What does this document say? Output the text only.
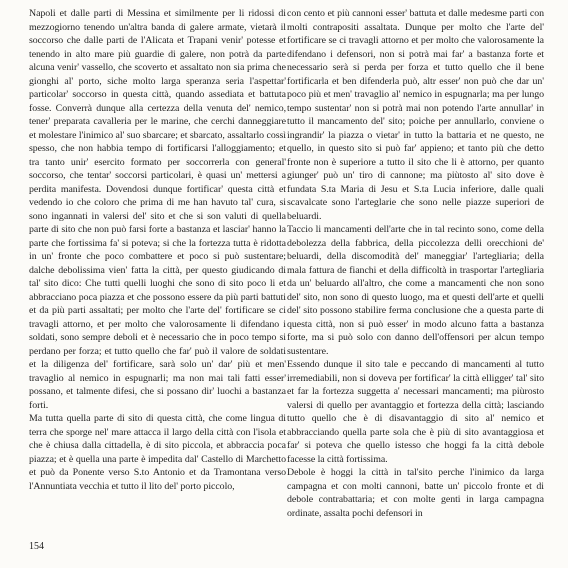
Napoli et dalle parti di Messina et similmente per li ridossi di mezzogiorno tenendo un'altra banda di galere armate, vietarà il soccorso che dalle parti de l'Alicata et Trapani venir' potesse et tenendo in alto mare più guardie di galere, non potrà da parte alcuna venir' vassello, che scoverto et assaltato non sia prima che gionghi al' porto, siche molto larga speranza seria l'aspettar' particolar' soccorso in questa città, quando assediata et battuta fosse. Converrà dunque alla certezza della venuta del' nemico, tener' preparata cavalleria per le marine, che cerchi danneggiare et molestare l'inimico al' suo sbarcare; et sbarcato, assaltarlo cossì spesso, che non habbia tempo di fortificarsi l'alloggiamento; et tra tanto unir' esercito formato per soccorrerla con general' soccorso, che tentar' soccorsi particolari, è quasi un' mettersi a perdita manifesta. Dovendosi dunque fortificar' questa città et vedendo io che coloro che prima di me han havuto tal' cura, si sono ingannati in valersi del' sito et che si son valuti di quella parte di sito che non può farsi forte a bastanza et lasciar' hanno la parte che fortissima fa' si poteva; si che la fortezza tutta è ridotta in un' fronte che poco combattere et poco si può sustentare; dalche debolissima vien' fatta la città, per questo giudicando di tal' sito dico: Che tutti quelli luoghi che sono di sito poco li et abbracciano poca piazza et che possono essere da più parti battuti et da più parti assaltati; per molto che l'arte del' fortificare se ci travagli attorno, et per molto che valorosamente li difendano i soldati, sono sempre deboli et è necessario che in poco tempo si perdano per forza; et tutto quello che far' può il valore de soldati et la diligenza del' fortificare, sarà solo un' dar' più et men' travaglio al nemico in espugnarli; ma non mai tali fatti esser' possano, et talmente difesi, che si possano dir' luochi a bastanza forti.

Ma tutta quella parte di sito di questa città, che come lingua di terra che sporge nel' mare attacca il largo della città con l'isola et che è chiusa dalla cittadella, è di sito piccola, et abbraccia poca piazza; et è quella una parte è impedita dal' Castello di Marchetto et può da Ponente verso S.to Antonio et da Tramontana verso l'Annuntiata vecchia et tutto il lito del' porto piccolo,

con cento et più cannoni esser' battuta et dalle medesme parti con molti contrapositi assaltata. Dunque per molto che l'arte del' fortificare se ci travagli attorno et per molto che valorosamente la difendano i defensori, non si potrà mai far' a bastanza forte et necessario serà si perda per forza et tutto quello che il bene fortificarla et ben difenderla può, altr esser' non può che dar un' poco più et men' travaglio al' nemico in espugnarla; ma per lungo tempo sustentar' non si potrà mai non potendo l'arte annullar' in tutto il mancamento del' sito; poiche per annullarlo, conviene o ingrandir' la piazza o vietar' in tutto la battaria et ne questo, ne quello, in questo sito si può far' appieno; et tanto più che detto fronte non è superiore a tutto il sito che li è attorno, per quanto giunger' può un' tiro di cannone; ma piùtosto al' sito dove è fundata S.ta Maria di Jesu et S.ta Lucia inferiore, dalle quali scavalcate sono l'arteglarie che sono nelle piazze superiori de beluardi.

Taccio li mancamenti dell'arte che in tal recinto sono, come della debolezza della fabbrica, della piccolezza delli orecchioni de' beluardi, della discomodità del' maneggiar' l'artegliaria; della mala fattura de fianchi et della difficoltà in trasportar l'artegliaria da un' beluardo all'altro, che come a mancamenti che non sono del' sito, non sono di questo luogo, ma et questi dell'arte et quelli del' sito possono stabilire ferma conclusione che a questa parte di questa città, non si può esser' in modo alcuno fatta a bastanza forte, ma si può solo con danno dell'offensori per alcun tempo sustentare.

Essendo dunque il sito tale e peccando di mancamenti al tutto irremediabili, non si doveva per fortificar' la città elligger' tal' sito et far la fortezza suggetta a' necessari mancamenti; ma piùrosto valersi di quello per avantaggio et fortezza della città; lasciando tutto quello che è di disavantaggio di sito al' nemico et abbracciando quella parte sola che è più di sito avantaggiosa et far' si poteva che quello istesso che hoggi fa la città debole facesse la città fortissima.

Debole è hoggi la città in tal'sito perche l'inimico da larga campagna et con molti cannoni, batte un' piccolo fronte et di debole contrabattaria; et con molte genti in larga campagna ordinate, assalta pochi defensori in

154
